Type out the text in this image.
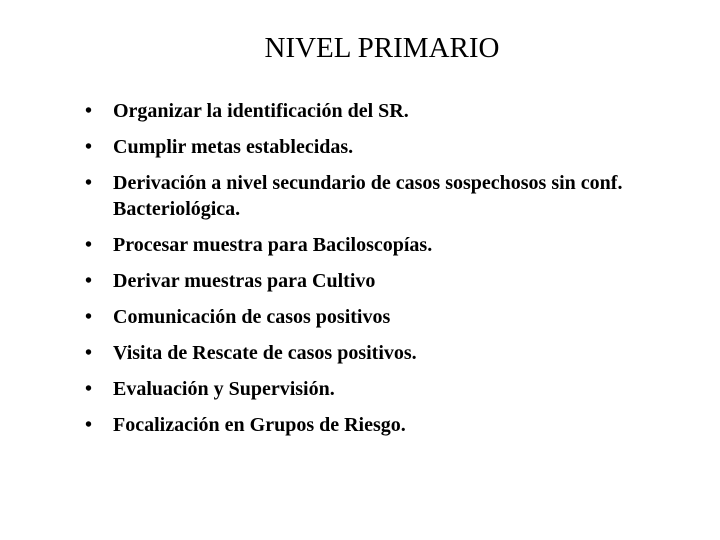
NIVEL PRIMARIO
• Organizar la identificación del SR.
• Cumplir metas establecidas.
• Derivación a nivel secundario de casos sospechosos sin conf. Bacteriológica.
• Procesar muestra para Baciloscopías.
• Derivar muestras para Cultivo
• Comunicación de casos positivos
• Visita de Rescate de casos positivos.
• Evaluación y Supervisión.
• Focalización en Grupos de Riesgo.
